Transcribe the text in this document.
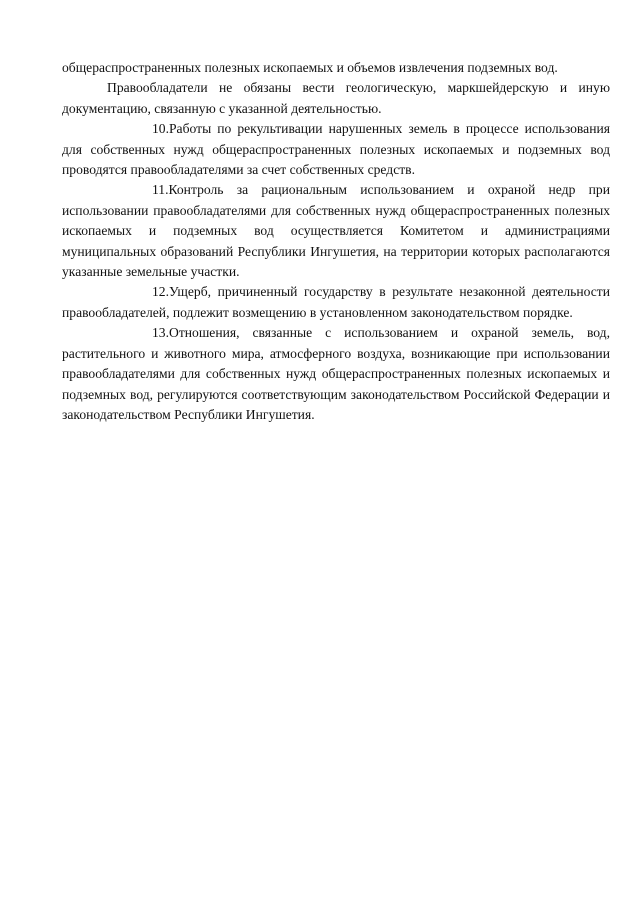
общераспространенных полезных ископаемых и объемов извлечения подземных вод.

Правообладатели не обязаны вести геологическую, маркшейдерскую и иную документацию, связанную с указанной деятельностью.

10.Работы по рекультивации нарушенных земель в процессе использования для собственных нужд общераспространенных полезных ископаемых и подземных вод проводятся правообладателями за счет собственных средств.

11.Контроль за рациональным использованием и охраной недр при использовании правообладателями для собственных нужд общераспространенных полезных ископаемых и подземных вод осуществляется Комитетом и администрациями муниципальных образований Республики Ингушетия, на территории которых располагаются указанные земельные участки.

12.Ущерб, причиненный государству в результате незаконной деятельности правообладателей, подлежит возмещению в установленном законодательством порядке.

13.Отношения, связанные с использованием и охраной земель, вод, растительного и животного мира, атмосферного воздуха, возникающие при использовании правообладателями для собственных нужд общераспространенных полезных ископаемых и подземных вод, регулируются соответствующим законодательством Российской Федерации и законодательством Республики Ингушетия.
